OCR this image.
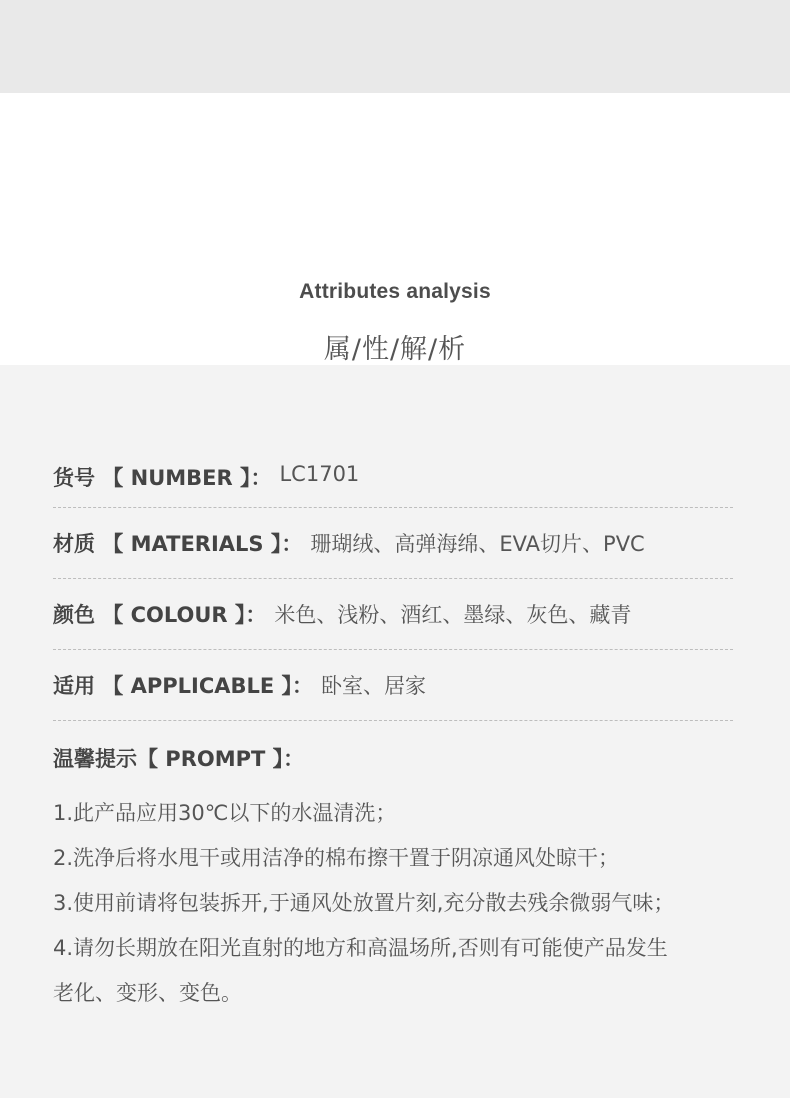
Attributes analysis
属/性/解/析
货号 【 NUMBER 】： LC1701
材质 【 MATERIALS 】： 珊瑚绒、高弹海绵、EVA切片、PVC
颜色 【 COLOUR 】： 米色、浅粉、酒红、墨绿、灰色、藏青
适用 【 APPLICABLE 】： 卧室、居家
温馨提示【 PROMPT 】：
1.此产品应用30℃以下的水温清洗；
2.洗净后将水甩干或用洁净的棉布擦干置于阴凉通风处晾干；
3.使用前请将包装拆开,于通风处放置片刻,充分散去残余微弱气味；
4.请勿长期放在阳光直射的地方和高温场所,否则有可能使产品发生
老化、变形、变色。
